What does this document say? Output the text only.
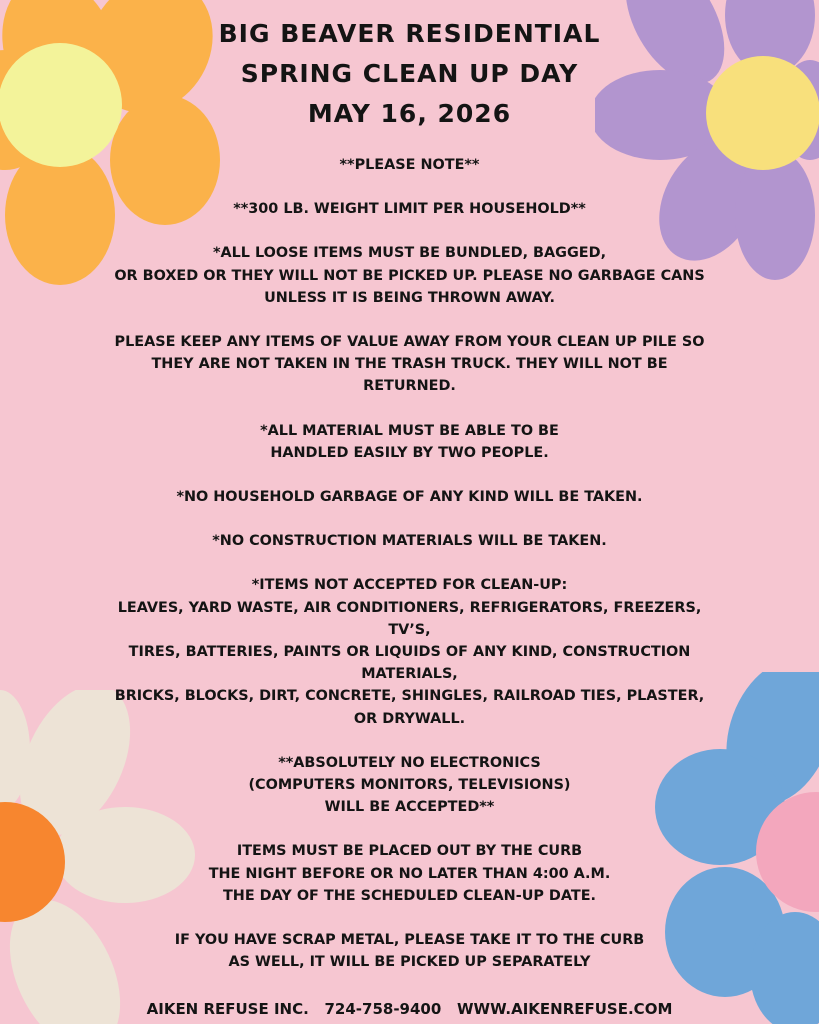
BIG BEAVER RESIDENTIAL
SPRING CLEAN UP DAY
MAY 16, 2026
**PLEASE NOTE**
**300 LB. WEIGHT LIMIT PER HOUSEHOLD**
*ALL LOOSE ITEMS MUST BE BUNDLED, BAGGED,
OR BOXED OR THEY WILL NOT BE PICKED UP. PLEASE NO GARBAGE CANS
UNLESS IT IS BEING THROWN AWAY.
PLEASE KEEP ANY ITEMS OF VALUE AWAY FROM YOUR CLEAN UP PILE SO
THEY ARE NOT TAKEN IN THE TRASH TRUCK. THEY WILL NOT BE
RETURNED.
*ALL MATERIAL MUST BE ABLE TO BE
HANDLED EASILY BY TWO PEOPLE.
*NO HOUSEHOLD GARBAGE OF ANY KIND WILL BE TAKEN.
*NO CONSTRUCTION MATERIALS WILL BE TAKEN.
*ITEMS NOT ACCEPTED FOR CLEAN-UP:
LEAVES, YARD WASTE, AIR CONDITIONERS, REFRIGERATORS, FREEZERS,
TV’S,
TIRES, BATTERIES, PAINTS OR LIQUIDS OF ANY KIND, CONSTRUCTION
MATERIALS,
BRICKS, BLOCKS, DIRT, CONCRETE, SHINGLES, RAILROAD TIES, PLASTER,
OR DRYWALL.
**ABSOLUTELY NO ELECTRONICS
(COMPUTERS MONITORS, TELEVISIONS)
WILL BE ACCEPTED**
ITEMS MUST BE PLACED OUT BY THE CURB
THE NIGHT BEFORE OR NO LATER THAN 4:00 A.M.
THE DAY OF THE SCHEDULED CLEAN-UP DATE.
IF YOU HAVE SCRAP METAL, PLEASE TAKE IT TO THE CURB
AS WELL, IT WILL BE PICKED UP SEPARATELY
AIKEN REFUSE INC. 724-758-9400 WWW.AIKENREFUSE.COM
